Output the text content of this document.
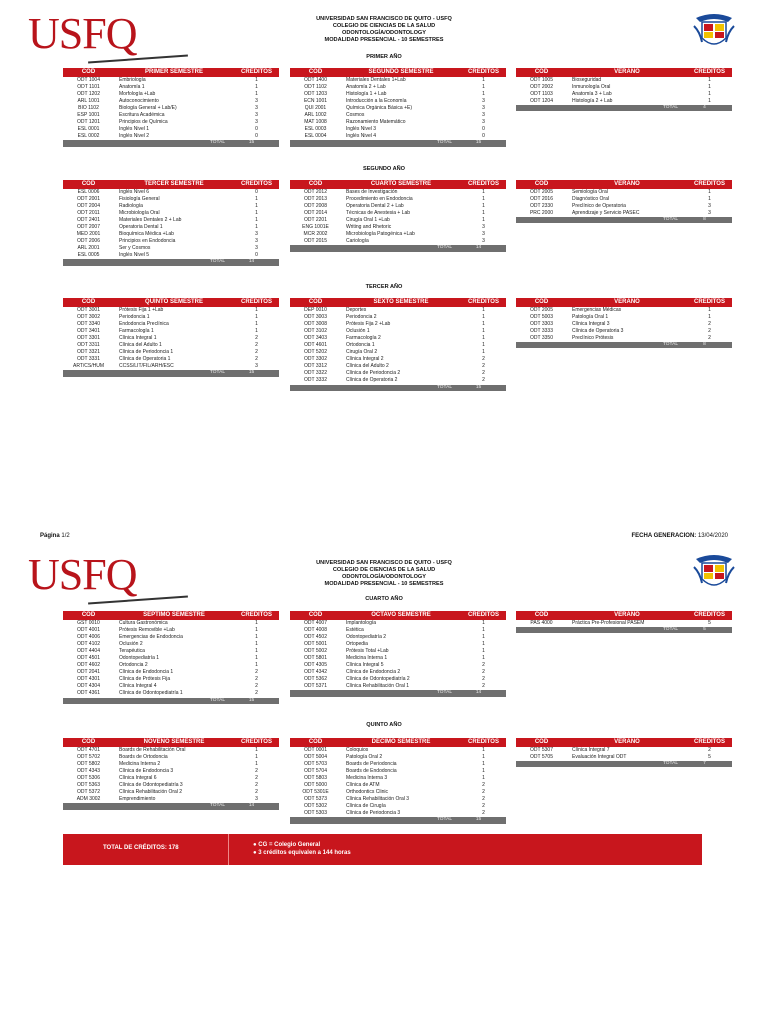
USFQ	UNIVERSIDAD SAN FRANCISCO DE QUITO - USFQ
COLEGIO DE CIENCIAS DE LA SALUD
ODONTOLOGÍA/ODONTOLOGY
MODALIDAD PRESENCIAL - 10 SEMESTRES
PRIMER AÑO
SEGUNDO AÑO
TERCER AÑO
COD	PRIMER SEMESTRE	CREDITOS
ODT 1004	Embriología	1
ODT 1101	Anatomía 1	1
ODT 1202	Morfología +Lab	1
ARL 1001	Autoconocimiento	3
BIO 1102	Biología General + Lab/E)	3
ESP 1001	Escritura Académica	3
ODT 1201	Principios de Química	3
ESL 0001	Inglés Nivel 1	0
ESL 0002	Inglés Nivel 2	0
TOTAL	15
COD	SEGUNDO SEMESTRE	CREDITOS
ODT 1400	Materiales Dentales 1+Lab	1
ODT 1102	Anatomía 2 + Lab	1
ODT 1203	Histología 1 + Lab	1
ECN 1001	Introducción a la Economía	3
QUI 2001	Química Orgánica Básica +E)	3
ARL 1002	Cosmos	3
MAT 1008	Razonamiento Matemático	3
ESL 0003	Inglés Nivel 3	0
ESL 0004	Inglés Nivel 4	0
TOTAL	15
COD	VERANO	CREDITOS
ODT 1005	Bioseguridad	1
ODT 2002	Inmunología Oral	1
ODT 1103	Anatomía 3 + Lab	1
ODT 1204	Histología 2 + Lab	1
TOTAL	4
COD	TERCER SEMESTRE	CREDITOS
ESL 0006	Inglés Nivel 6	0
ODT 2001	Fisiología General	1
ODT 2004	Radiología	1
ODT 2011	Microbiología Oral	1
ODT 2401	Materiales Dentales 2 + Lab	1
ODT 2007	Operatoria Dental 1	1
MED 2001	Bioquímica Médica +Lab	3
ODT 2006	Principios en Endodoncia	3
ARL 2001	Ser y Cosmos	3
ESL 0005	Inglés Nivel 5	0
TOTAL	14
COD	CUARTO SEMESTRE	CREDITOS
ODT 2012	Bases de Investigación	1
ODT 2013	Procedimiento en Endodoncia	1
ODT 2008	Operatoria Dental 2 + Lab	1
ODT 2014	Técnicas de Anestesia + Lab	1
ODT 2201	Cirugía Oral 1 +Lab	1
ENG 1001E	Writing and Rhetoric	3
MCR 2002	Microbiología Patogénica +Lab	3
ODT 2015	Cariología	3
TOTAL	14
COD	VERANO	CREDITOS
ODT 2005	Semiología Oral	1
ODT 2016	Diagnóstico Oral	1
ODT 2330	Preclínico de Operatoria	3
PRC 2000	Aprendizaje y Servicio PASEC	3
TOTAL	8
COD	QUINTO SEMESTRE	CREDITOS
ODT 3001	Prótesis Fija 1 +Lab	1
ODT 3002	Periodoncia 1	1
ODT 3340	Endodoncia Preclínica	1
ODT 3401	Farmacología 1	1
ODT 3301	Clínica Integral 1	2
ODT 3311	Clínica del Adulto 1	2
ODT 3321	Clínica de Periodoncia 1	2
ODT 3331	Clínica de Operatoria 1	2
ART/CS/HUM	CCSS/LIT/FIL/ARH/ESC	3
TOTAL	15
COD	SEXTO SEMESTRE	CREDITOS
DEP 0010	Deportes	1
ODT 3003	Periodoncia 2	1
ODT 3008	Prótesis Fija 2 +Lab	1
ODT 3102	Oclusión 1	1
ODT 3403	Farmacología 2	1
ODT 4601	Ortodoncia 1	1
ODT 5202	Cirugía Oral 2	1
ODT 3302	Clínica Integral 2	2
ODT 3312	Clínica del Adulto 2	2
ODT 3322	Clínica de Periodoncia 2	2
ODT 3332	Clínica de Operatoria 2	2
TOTAL	15
COD	VERANO	CREDITOS
ODT 2005	Emergencias Médicas	1
ODT 5003	Patología Oral 1	1
ODT 3303	Clínica Integral 3	2
ODT 3333	Clínica de Operatoria 3	2
ODT 3350	Preclínico Prótesis	2
TOTAL	8
Página 1/2	FECHA GENERACION: 13/04/2020
USFQ	UNIVERSIDAD SAN FRANCISCO DE QUITO - USFQ
COLEGIO DE CIENCIAS DE LA SALUD
ODONTOLOGÍA/ODONTOLOGY
MODALIDAD PRESENCIAL - 10 SEMESTRES
CUARTO AÑO
QUINTO AÑO
COD	SEPTIMO SEMESTRE	CREDITOS
GST 0010	Cultura Gastronómica	1
ODT 4001	Prótesis Removible +Lab	1
ODT 4006	Emergencias de Endodoncia	1
ODT 4102	Oclusión 2	1
ODT 4404	Terapéutica	1
ODT 4501	Odontopediatría 1	1
ODT 4602	Ortodoncia 2	1
ODT 2041	Clínica de Endodoncia 1	2
ODT 4301	Clínica de Prótesis Fija	2
ODT 4304	Clínica Integral 4	2
ODT 4361	Clínica de Odontopediatría 1	2
TOTAL	15
COD	OCTAVO SEMESTRE	CREDITOS
ODT 4007	Implantología	1
ODT 4008	Estética	1
ODT 4502	Odontopediatría 2	1
ODT 5001	Ortopedia	1
ODT 5002	Prótesis Total +Lab	1
ODT 5801	Medicina Interna 1	1
ODT 4305	Clínica Integral 5	2
ODT 4342	Clínica de Endodoncia 2	2
ODT 5362	Clínica de Odontopediatría 2	2
ODT 5371	Clínica Rehabilitación Oral 1	2
TOTAL	14
COD	VERANO	CREDITOS
PAS 4000	Práctica Pre-Profesional PASEM	5
TOTAL	5
COD	NOVENO SEMESTRE	CREDITOS
ODT 4701	Boards de Rehabilitación Oral	1
ODT 5702	Boards de Ortodoncia	1
ODT 5802	Medicina Interna 2	1
ODT 4343	Clínica de Endodoncia 3	2
ODT 5306	Clínica Integral 6	2
ODT 5363	Clínica de Odontopediatría 3	2
ODT 5372	Clínica Rehabilitación Oral 2	2
ADM 3002	Emprendimiento	3
TOTAL	14
COD	DÉCIMO SEMESTRE	CREDITOS
ODT 0001	Coloquios	1
ODT 5004	Patología Oral 2	1
ODT 5703	Boards de Periodoncia	1
ODT 5704	Boards de Endodoncia	1
ODT 5803	Medicina Interna 3	1
ODT 5000	Clínica de ATM	2
ODT 5301E	Orthodontics Clinic	2
ODT 5373	Clínica Rehabilitación Oral 3	2
ODT 5302	Clínica de Cirugía	2
ODT 5303	Clínica de Periodoncia 3	2
TOTAL	15
COD	VERANO	CREDITOS
ODT 5307	Clínica Integral 7	2
ODT 5705	Evaluación Integral ODT	5
TOTAL	7
TOTAL DE CRÉDITOS: 178	● CG = Colegio General
● 3 créditos equivalen a 144 horas
